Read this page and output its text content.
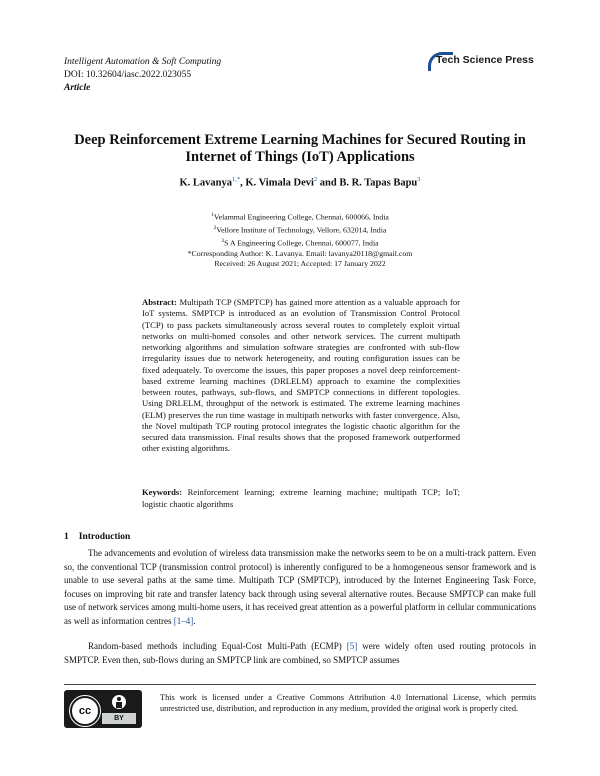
Intelligent Automation & Soft Computing
DOI: 10.32604/iasc.2022.023055
Article
Tech Science Press
Deep Reinforcement Extreme Learning Machines for Secured Routing in Internet of Things (IoT) Applications
K. Lavanya$^{1,*}$, K. Vimala Devi$^2$ and B. R. Tapas Bapu$^3$
$^1$Velammal Engineering College, Chennai, 600066, India
$^2$Vellore Institute of Technology, Vellore, 632014, India
$^3$S A Engineering College, Chennai, 600077, India
*Corresponding Author: K. Lavanya. Email: lavanya20118@gmail.com
Received: 26 August 2021; Accepted: 17 January 2022
Abstract: Multipath TCP (SMPTCP) has gained more attention as a valuable approach for IoT systems. SMPTCP is introduced as an evolution of Transmission Control Protocol (TCP) to pass packets simultaneously across several routes to completely exploit virtual networks on multi-homed consoles and other network services. The current multipath networking algorithms and simulation software strategies are confronted with sub-flow irregularity issues due to network heterogeneity, and routing configuration issues can be fixed adequately. To overcome the issues, this paper proposes a novel deep reinforcement-based extreme learning machines (DRLELM) approach to examine the complexities between routes, pathways, sub-flows, and SMPTCP connections in different topologies. Using DRLELM, throughput of the network is estimated. The extreme learning machines (ELM) preserves the run time wastage in multipath networks with faster convergence. Also, the Novel multipath TCP routing protocol integrates the logistic chaotic algorithm for the secured data transmission. Final results shows that the proposed framework outperformed other existing algorithms.
Keywords: Reinforcement learning; extreme learning machine; multipath TCP; IoT; logistic chaotic algorithms
1 Introduction
The advancements and evolution of wireless data transmission make the networks seem to be on a multi-track pattern. Even so, the conventional TCP (transmission control protocol) is inherently configured to be a homogeneous sensor framework and is unable to use several paths at the same time. Multipath TCP (SMPTCP), introduced by the Internet Engineering Task Force, focuses on improving bit rate and transfer latency back through using several alternative routes. Because SMPTCP can make full use of network services among multi-home users, it has received great attention as a powerful platform in cellular communications as well as information centres [1–4].
Random-based methods including Equal-Cost Multi-Path (ECMP) [5] were widely often used routing protocols in SMPTCP. Even then, sub-flows during an SMPTCP link are combined, so SMPTCP assumes
cc
BY
This work is licensed under a Creative Commons Attribution 4.0 International License, which permits unrestricted use, distribution, and reproduction in any medium, provided the original work is properly cited.
